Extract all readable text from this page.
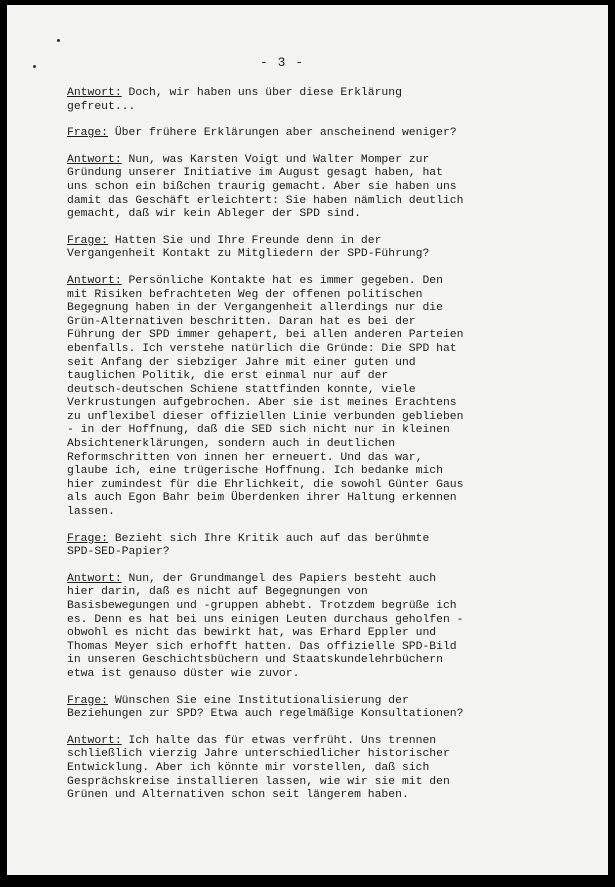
- 3 -
Antwort: Doch, wir haben uns über diese Erklärung
gefreut...
Frage: Über frühere Erklärungen aber anscheinend weniger?
Antwort: Nun, was Karsten Voigt und Walter Momper zur
Gründung unserer Initiative im August gesagt haben, hat
uns schon ein bißchen traurig gemacht. Aber sie haben uns
damit das Geschäft erleichtert: Sie haben nämlich deutlich
gemacht, daß wir kein Ableger der SPD sind.
Frage: Hatten Sie und Ihre Freunde denn in der
Vergangenheit Kontakt zu Mitgliedern der SPD-Führung?
Antwort: Persönliche Kontakte hat es immer gegeben. Den
mit Risiken befrachteten Weg der offenen politischen
Begegnung haben in der Vergangenheit allerdings nur die
Grün-Alternativen beschritten. Daran hat es bei der
Führung der SPD immer gehapert, bei allen anderen Parteien
ebenfalls. Ich verstehe natürlich die Gründe: Die SPD hat
seit Anfang der siebziger Jahre mit einer guten und
tauglichen Politik, die erst einmal nur auf der
deutsch-deutschen Schiene stattfinden konnte, viele
Verkrustungen aufgebrochen. Aber sie ist meines Erachtens
zu unflexibel dieser offiziellen Linie verbunden geblieben
- in der Hoffnung, daß die SED sich nicht nur in kleinen
Absichtenerklärungen, sondern auch in deutlichen
Reformschritten von innen her erneuert. Und das war,
glaube ich, eine trügerische Hoffnung. Ich bedanke mich
hier zumindest für die Ehrlichkeit, die sowohl Günter Gaus
als auch Egon Bahr beim Überdenken ihrer Haltung erkennen
lassen.
Frage: Bezieht sich Ihre Kritik auch auf das berühmte
SPD-SED-Papier?
Antwort: Nun, der Grundmangel des Papiers besteht auch
hier darin, daß es nicht auf Begegnungen von
Basisbewegungen und -gruppen abhebt. Trotzdem begrüße ich
es. Denn es hat bei uns einigen Leuten durchaus geholfen -
obwohl es nicht das bewirkt hat, was Erhard Eppler und
Thomas Meyer sich erhofft hatten. Das offizielle SPD-Bild
in unseren Geschichtsbüchern und Staatskundelehrbüchern
etwa ist genauso düster wie zuvor.
Frage: Wünschen Sie eine Institutionalisierung der
Beziehungen zur SPD? Etwa auch regelmäßige Konsultationen?
Antwort: Ich halte das für etwas verfrüht. Uns trennen
schließlich vierzig Jahre unterschiedlicher historischer
Entwicklung. Aber ich könnte mir vorstellen, daß sich
Gesprächskreise installieren lassen, wie wir sie mit den
Grünen und Alternativen schon seit längerem haben.
